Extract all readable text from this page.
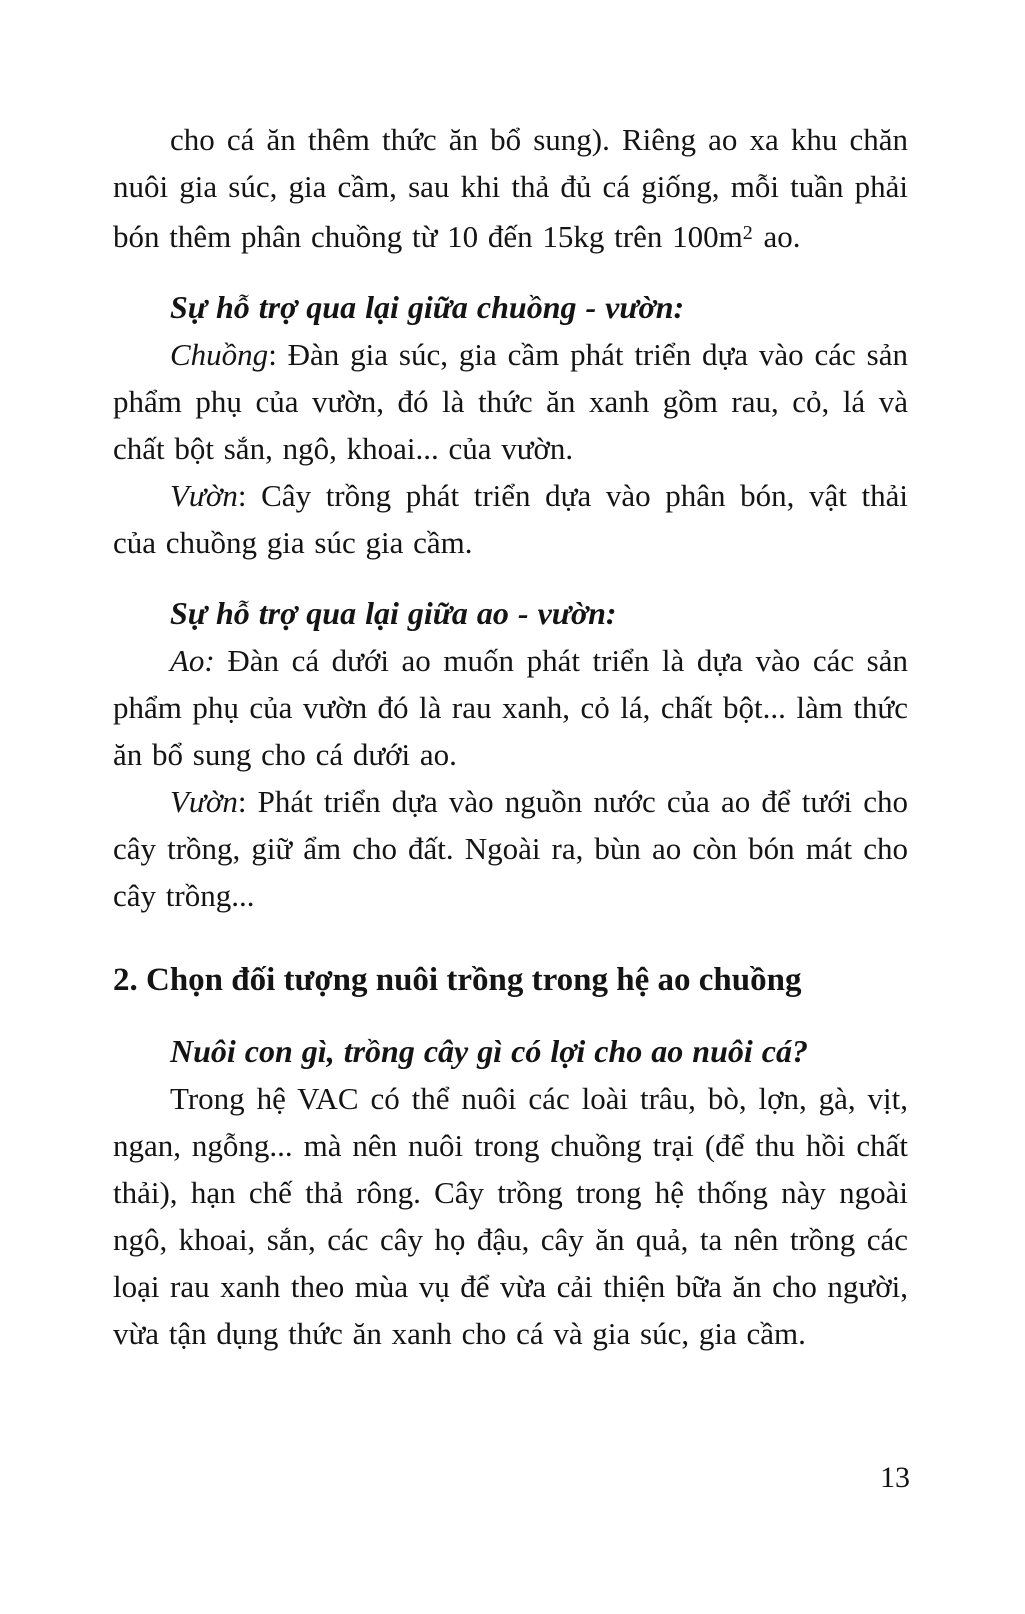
cho cá ăn thêm thức ăn bổ sung). Riêng ao xa khu chăn nuôi gia súc, gia cầm, sau khi thả đủ cá giống, mỗi tuần phải bón thêm phân chuồng từ 10 đến 15kg trên $100m^2$ ao.

Sự hỗ trợ qua lại giữa chuồng - vườn:

Chuồng: Đàn gia súc, gia cầm phát triển dựa vào các sản phẩm phụ của vườn, đó là thức ăn xanh gồm rau, cỏ, lá và chất bột sắn, ngô, khoai... của vườn.

Vườn: Cây trồng phát triển dựa vào phân bón, vật thải của chuồng gia súc gia cầm.

Sự hỗ trợ qua lại giữa ao - vườn:

Ao: Đàn cá dưới ao muốn phát triển là dựa vào các sản phẩm phụ của vườn đó là rau xanh, cỏ lá, chất bột... làm thức ăn bổ sung cho cá dưới ao.

Vườn: Phát triển dựa vào nguồn nước của ao để tưới cho cây trồng, giữ ẩm cho đất. Ngoài ra, bùn ao còn bón mát cho cây trồng...

2. Chọn đối tượng nuôi trồng trong hệ ao chuồng

Nuôi con gì, trồng cây gì có lợi cho ao nuôi cá?

Trong hệ VAC có thể nuôi các loài trâu, bò, lợn, gà, vịt, ngan, ngỗng... mà nên nuôi trong chuồng trại (để thu hồi chất thải), hạn chế thả rông. Cây trồng trong hệ thống này ngoài ngô, khoai, sắn, các cây họ đậu, cây ăn quả, ta nên trồng các loại rau xanh theo mùa vụ để vừa cải thiện bữa ăn cho người, vừa tận dụng thức ăn xanh cho cá và gia súc, gia cầm.

13
